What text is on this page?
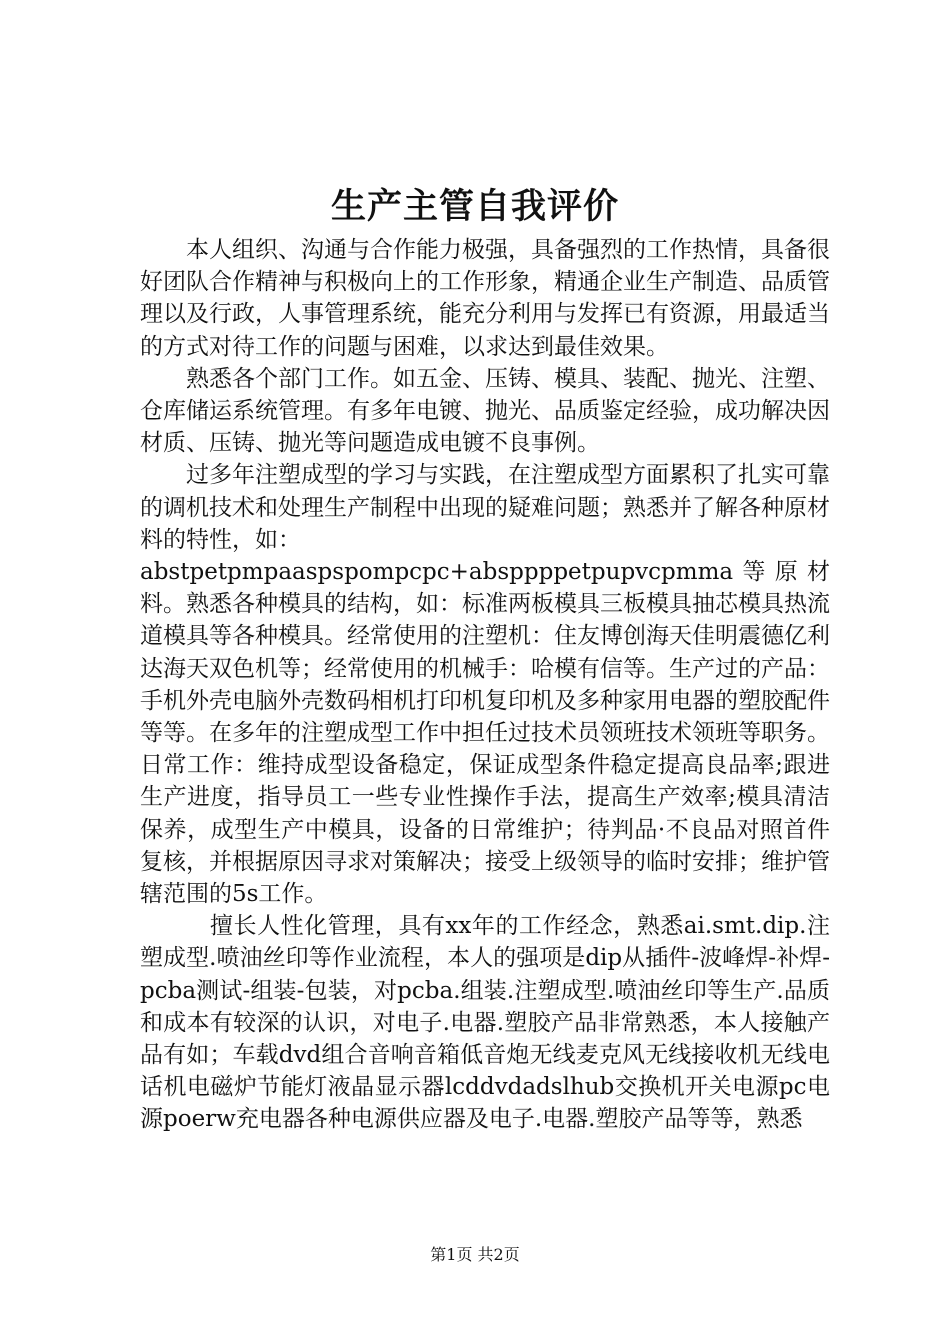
生产主管自我评价

本人组织、沟通与合作能力极强，具备强烈的工作热情，具备很好团队合作精神与积极向上的工作形象，精通企业生产制造、品质管理以及行政，人事管理系统，能充分利用与发挥已有资源，用最适当的方式对待工作的问题与困难，以求达到最佳效果。

熟悉各个部门工作。如五金、压铸、模具、装配、抛光、注塑、仓库储运系统管理。有多年电镀、抛光、品质鉴定经验，成功解决因材质、压铸、抛光等问题造成电镀不良事例。

过多年注塑成型的学习与实践，在注塑成型方面累积了扎实可靠的调机技术和处理生产制程中出现的疑难问题；熟悉并了解各种原材料的特性，如：

abstpetpmpaaspspompcpc+absppppetpupvcpmma等原材料。熟悉各种模具的结构，如：标准两板模具三板模具抽芯模具热流道模具等各种模具。经常使用的注塑机：住友博创海天佳明震德亿利达海天双色机等；经常使用的机械手：哈模有信等。生产过的产品：手机外壳电脑外壳数码相机打印机复印机及多种家用电器的塑胶配件等等。在多年的注塑成型工作中担任过技术员领班技术领班等职务。日常工作：维持成型设备稳定，保证成型条件稳定提高良品率;跟进生产进度，指导员工一些专业性操作手法，提高生产效率;模具清洁保养，成型生产中模具，设备的日常维护；待判品·不良品对照首件复核，并根据原因寻求对策解决；接受上级领导的临时安排；维护管辖范围的5s工作。

擅长人性化管理，具有xx年的工作经念，熟悉ai.smt.dip.注塑成型.喷油丝印等作业流程，本人的强项是dip从插件-波峰焊-补焊-pcba测试-组装-包装，对pcba.组装.注塑成型.喷油丝印等生产.品质和成本有较深的认识，对电子.电器.塑胶产品非常熟悉，本人接触产品有如；车载dvd组合音响音箱低音炮无线麦克风无线接收机无线电话机电磁炉节能灯液晶显示器lcddvdadslhub交换机开关电源pc电源poerw充电器各种电源供应器及电子.电器.塑胶产品等等，熟悉

第1页 共2页
